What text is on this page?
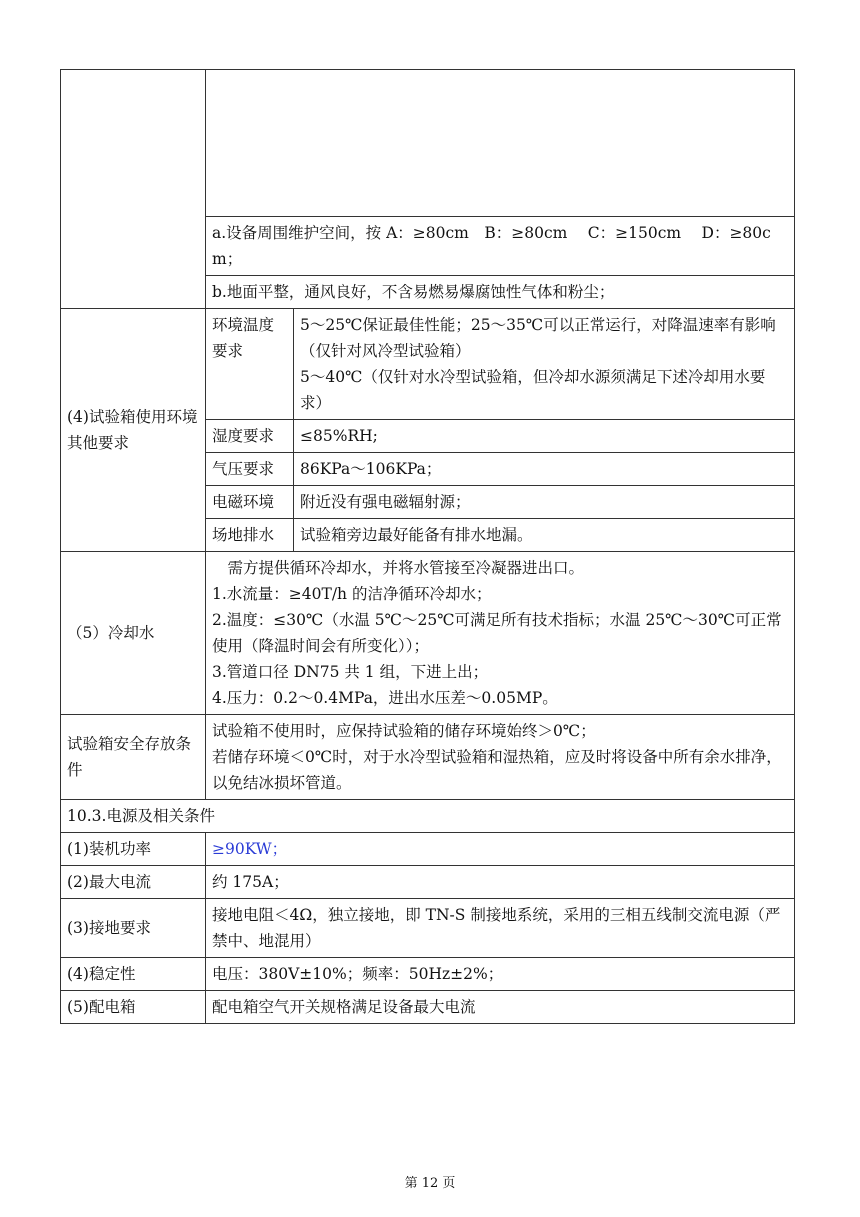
	a.设备周围维护空间，按 A：≥80cm　B：≥80cm　 C：≥150cm　 D：≥80cm；	
	b.地面平整，通风良好，不含易燃易爆腐蚀性气体和粉尘；	
(4)试验箱使用环境其他要求	环境温度要求	5～25℃保证最佳性能；25～35℃可以正常运行，对降温速率有影响（仅针对风冷型试验箱）

5～40℃（仅针对水冷型试验箱，但冷却水源须满足下述冷却用水要求）

	湿度要求	≤85%RH;
	气压要求	86KPa～106KPa；
	电磁环境	附近没有强电磁辐射源；
	场地排水	试验箱旁边最好能备有排水地漏。
（5）冷却水	需方提供循环冷却水，并将水管接至冷凝器进出口。

1.水流量：≥40T/h 的洁净循环冷却水；

2.温度：≤30℃（水温 5℃～25℃可满足所有技术指标；水温 25℃～30℃可正常使用（降温时间会有所变化））；

3.管道口径 DN75 共 1 组，下进上出；

4.压力：0.2～0.4MPa，进出水压差～0.05MP。	

试验箱安全存放条件	试验箱不使用时，应保持试验箱的储存环境始终＞0℃；

若储存环境＜0℃时，对于水冷型试验箱和湿热箱，应及时将设备中所有余水排净，以免结冰损坏管道。	

10.3.电源及相关条件		
(1)装机功率	≥90KW；	
(2)最大电流	约 175A；	
(3)接地要求	接地电阻＜4Ω，独立接地，即 TN-S 制接地系统，采用的三相五线制交流电源（严禁中、地混用）	
(4)稳定性	电压：380V±10%；频率：50Hz±2%；	
(5)配电箱	配电箱空气开关规格满足设备最大电流	
第 12 页
